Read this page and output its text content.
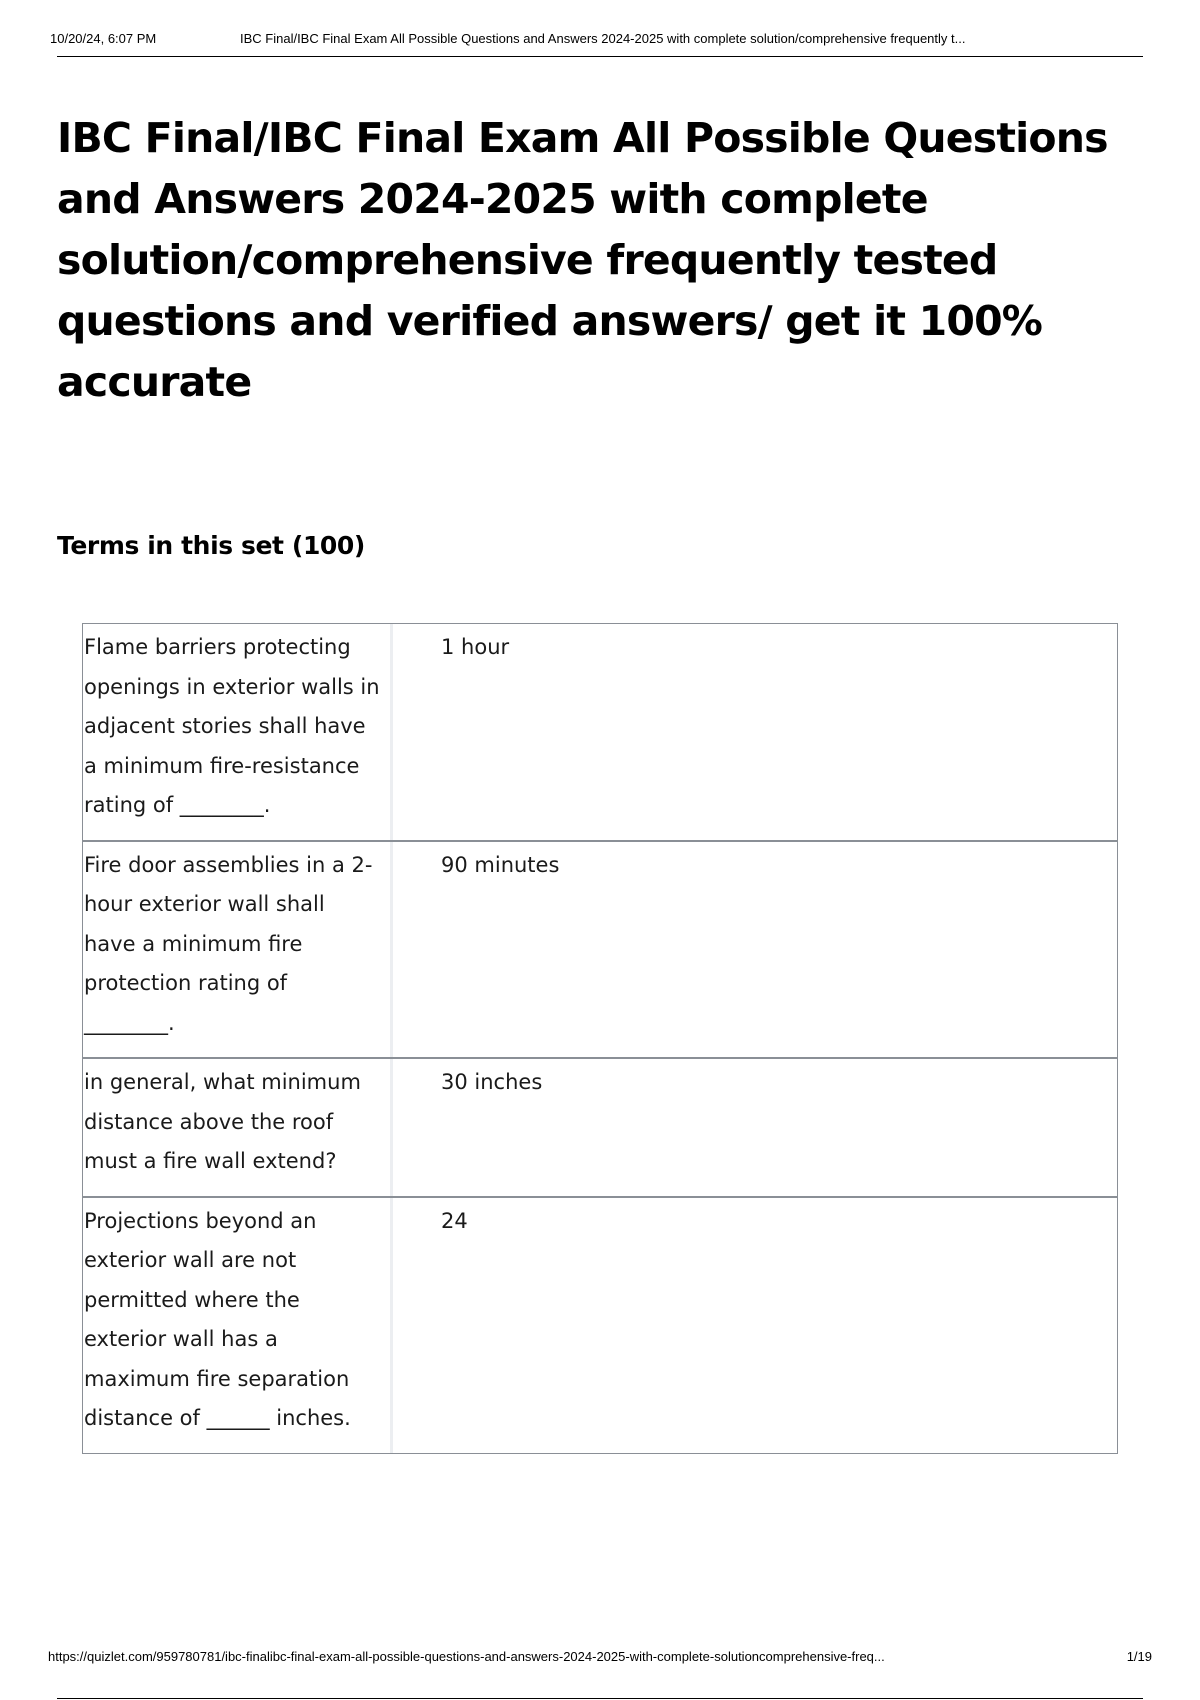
10/20/24, 6:07 PM	IBC Final/IBC Final Exam All Possible Questions and Answers 2024-2025 with complete solution/comprehensive frequently t...
IBC Final/IBC Final Exam All Possible Questions and Answers 2024-2025 with complete solution/comprehensive frequently tested questions and verified answers/ get it 100% accurate
Terms in this set (100)
Flame barriers protecting openings in exterior walls in adjacent stories shall have a minimum fire-resistance rating of ________.
1 hour
Fire door assemblies in a 2-hour exterior wall shall have a minimum fire protection rating of ________.
90 minutes
in general, what minimum distance above the roof must a fire wall extend?
30 inches
Projections beyond an exterior wall are not permitted where the exterior wall has a maximum fire separation distance of ______ inches.
24
https://quizlet.com/959780781/ibc-finalibc-final-exam-all-possible-questions-and-answers-2024-2025-with-complete-solutioncomprehensive-freq...	1/19
